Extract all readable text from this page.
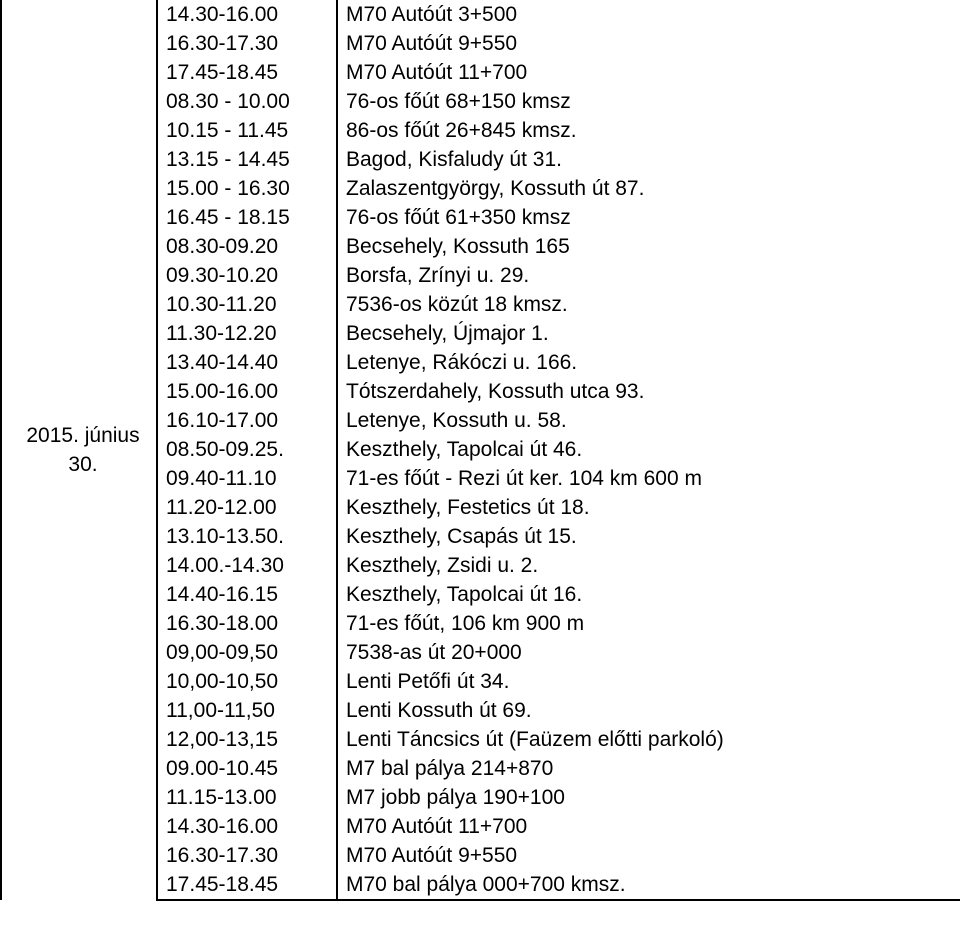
2015. június
30.	14.30-16.00	M70 Autóút 3+500
	16.30-17.30	M70 Autóút 9+550
	17.45-18.45	M70 Autóút 11+700
	08.30 - 10.00	76-os főút 68+150 kmsz
	10.15 - 11.45	86-os főút 26+845 kmsz.
	13.15 - 14.45	Bagod, Kisfaludy út 31.
	15.00 - 16.30	Zalaszentgyörgy, Kossuth út 87.
	16.45 - 18.15	76-os főút 61+350 kmsz
	08.30-09.20	Becsehely, Kossuth 165
	09.30-10.20	Borsfa, Zrínyi u. 29.
	10.30-11.20	7536-os közút 18 kmsz.
	11.30-12.20	Becsehely, Újmajor 1.
	13.40-14.40	Letenye, Rákóczi u. 166.
	15.00-16.00	Tótszerdahely, Kossuth utca 93.
	16.10-17.00	Letenye, Kossuth u. 58.
	08.50-09.25.	Keszthely, Tapolcai út 46.
	09.40-11.10	71-es főút - Rezi út ker. 104 km 600 m
	11.20-12.00	Keszthely, Festetics út 18.
	13.10-13.50.	Keszthely, Csapás út 15.
	14.00.-14.30	Keszthely, Zsidi u. 2.
	14.40-16.15	Keszthely, Tapolcai út 16.
	16.30-18.00	71-es főút, 106 km 900 m
	09,00-09,50	7538-as út 20+000
	10,00-10,50	Lenti Petőfi út 34.
	11,00-11,50	Lenti Kossuth út 69.
	12,00-13,15	Lenti Táncsics út (Faüzem előtti parkoló)
	09.00-10.45	M7 bal pálya 214+870
	11.15-13.00	M7 jobb pálya 190+100
	14.30-16.00	M70 Autóút 11+700
	16.30-17.30	M70 Autóút 9+550
	17.45-18.45	M70 bal pálya 000+700 kmsz.
